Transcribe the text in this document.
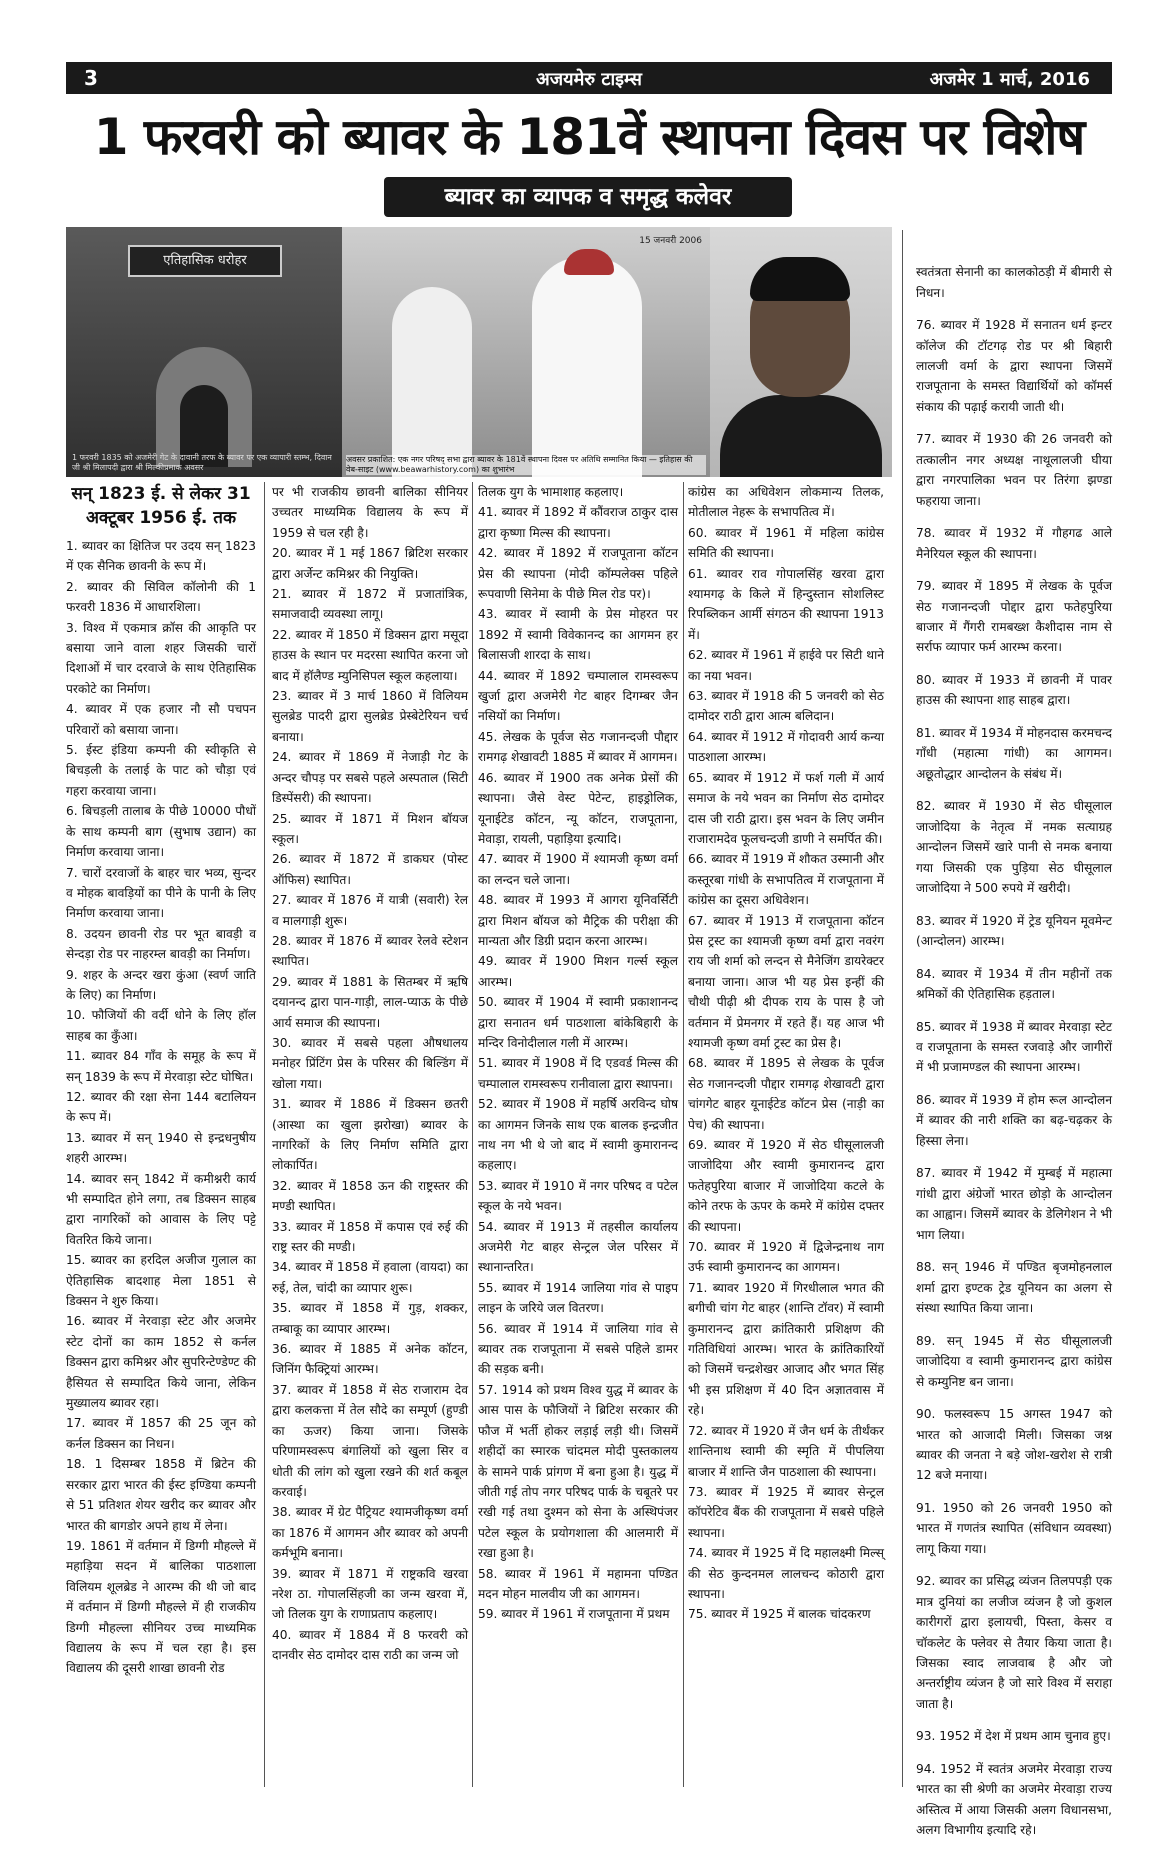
3	अजयमेरु टाइम्स	अजमेर 1 मार्च, 2016
1 फरवरी को ब्यावर के 181वें स्थापना दिवस पर विशेष
ब्यावर का व्यापक व समृद्ध कलेवर
एतिहासिक धरोहर
1 फरवरी 1835 को अजमेरी गेट के दावानी तरफ के ब्यावर पर एक व्यापारी स्तम्भ, दिवान जी श्री मिलापदी द्वारा श्री मिल्कीप्रमाक अवसर
15 जनवरी 2006
अवसर प्रकाशित: एक नगर परिषद् सभा द्वारा ब्यावर के 181वें स्थापना दिवस पर अतिथि सम्मानित किया — इतिहास की वेब-साइट (www.beawarhistory.com) का शुभारंभ
सन् 1823 ई. से लेकर 31 अक्टूबर 1956 ई. तक

1. ब्यावर का क्षितिज पर उदय सन् 1823 में एक सैनिक छावनी के रूप में।

2. ब्यावर की सिविल कॉलोनी की 1 फरवरी 1836 में आधारशिला।

3. विश्व में एकमात्र क्रॉस की आकृति पर बसाया जाने वाला शहर जिसकी चारों दिशाओं में चार दरवाजे के साथ ऐतिहासिक परकोटे का निर्माण।

4. ब्यावर में एक हजार नौ सौ पचपन परिवारों को बसाया जाना।

5. ईस्ट इंडिया कम्पनी की स्वीकृति से बिचड़ली के तलाई के पाट को चौड़ा एवं गहरा करवाया जाना।

6. बिचड़ली तालाब के पीछे 10000 पौधों के साथ कम्पनी बाग (सुभाष उद्यान) का निर्माण करवाया जाना।

7. चारों दरवाजों के बाहर चार भव्य, सुन्दर व मोहक बावड़ियों का पीने के पानी के लिए निर्माण करवाया जाना।

8. उदयन छावनी रोड पर भूत बावड़ी व सेन्दड़ा रोड पर नाहरम्ल बावड़ी का निर्माण।

9. शहर के अन्दर खरा कुंआ (स्वर्ण जाति के लिए) का निर्माण।

10. फौजियों की वर्दी धोने के लिए हॉल साहब का कुँआ।

11. ब्यावर 84 गाँव के समूह के रूप में सन् 1839 के रूप में मेरवाड़ा स्टेट घोषित।

12. ब्यावर की रक्षा सेना 144 बटालियन के रूप में।

13. ब्यावर में सन् 1940 से इन्द्रधनुषीय शहरी आरम्भ।

14. ब्यावर सन् 1842 में कमीश्नरी कार्य भी सम्पादित होने लगा, तब डिक्सन साहब द्वारा नागरिकों को आवास के लिए पट्टे वितरित किये जाना।

15. ब्यावर का हरदिल अजीज गुलाल का ऐतिहासिक बादशाह मेला 1851 से डिक्सन ने शुरु किया।

16. ब्यावर में नेरवाड़ा स्टेट और अजमेर स्टेट दोनों का काम 1852 से कर्नल डिक्सन द्वारा कमिश्नर और सुपरिन्टेण्डेण्ट की हैसियत से सम्पादित किये जाना, लेकिन मुख्यालय ब्यावर रहा।

17. ब्यावर में 1857 की 25 जून को कर्नल डिक्सन का निधन।

18. 1 दिसम्बर 1858 में ब्रिटेन की सरकार द्वारा भारत की ईस्ट इण्डिया कम्पनी से 51 प्रतिशत शेयर खरीद कर ब्यावर और भारत की बागडोर अपने हाथ में लेना।

19. 1861 में वर्तमान में डिग्गी मौहल्ले में महाड़िया सदन में बालिका पाठशाला विलियम शूलब्रेड ने आरम्भ की थी जो बाद में वर्तमान में डिग्गी मौहल्ले में ही राजकीय डिग्गी मौहल्ला सीनियर उच्च माध्यमिक विद्यालय के रूप में चल रहा है। इस विद्यालय की दूसरी शाखा छावनी रोड

पर भी राजकीय छावनी बालिका सीनियर उच्चतर माध्यमिक विद्यालय के रूप में 1959 से चल रही है।

20. ब्यावर में 1 मई 1867 ब्रिटिश सरकार द्वारा अर्जेन्ट कमिश्नर की नियुक्ति।

21. ब्यावर में 1872 में प्रजातांत्रिक, समाजवादी व्यवस्था लागू।

22. ब्यावर में 1850 में डिक्सन द्वारा मसूदा हाउस के स्थान पर मदरसा स्थापित करना जो बाद में हॉलैण्ड म्युनिसिपल स्कूल कहलाया।

23. ब्यावर में 3 मार्च 1860 में विलियम सुलब्रेड पादरी द्वारा सुलब्रेड प्रेस्बेटेरियन चर्च बनाया।

24. ब्यावर में 1869 में नेजाड़ी गेट के अन्दर चौपड़ पर सबसे पहले अस्पताल (सिटी डिस्पेंसरी) की स्थापना।

25. ब्यावर में 1871 में मिशन बॉयज स्कूल।

26. ब्यावर में 1872 में डाकघर (पोस्ट ऑफिस) स्थापित।

27. ब्यावर में 1876 में यात्री (सवारी) रेल व मालगाड़ी शुरू।

28. ब्यावर में 1876 में ब्यावर रेलवे स्टेशन स्थापित।

29. ब्यावर में 1881 के सितम्बर में ऋषि दयानन्द द्वारा पान-गाड़ी, लाल-प्याऊ के पीछे आर्य समाज की स्थापना।

30. ब्यावर में सबसे पहला औषधालय मनोहर प्रिंटिंग प्रेस के परिसर की बिल्डिंग में खोला गया।

31. ब्यावर में 1886 में डिक्सन छतरी (आस्था का खुला झरोखा) ब्यावर के नागरिकों के लिए निर्माण समिति द्वारा लोकार्पित।

32. ब्यावर में 1858 ऊन की राष्ट्रस्तर की मण्डी स्थापित।

33. ब्यावर में 1858 में कपास एवं रुई की राष्ट्र स्तर की मण्डी।

34. ब्यावर में 1858 में हवाला (वायदा) का रुई, तेल, चांदी का व्यापार शुरू।

35. ब्यावर में 1858 में गुड़, शक्कर, तम्बाकू का व्यापार आरम्भ।

36. ब्यावर में 1885 में अनेक कॉटन, जिनिंग फैक्ट्रियां आरम्भ।

37. ब्यावर में 1858 में सेठ राजाराम देव द्वारा कलकत्ता में तेल सौदे का सम्पूर्ण (हुण्डी का ऊजर) किया जाना। जिसके परिणामस्वरूप बंगालियों को खुला सिर व धोती की लांग को खुला रखने की शर्त कबूल करवाई।

38. ब्यावर में ग्रेट पैट्रियट श्यामजीकृष्ण वर्मा का 1876 में आगमन और ब्यावर को अपनी कर्मभूमि बनाना।

39. ब्यावर में 1871 में राष्ट्रकवि खरवा नरेश ठा. गोपालसिंहजी का जन्म खरवा में, जो तिलक युग के राणाप्रताप कहलाए।

40. ब्यावर में 1884 में 8 फरवरी को दानवीर सेठ दामोदर दास राठी का जन्म जो

तिलक युग के भामाशाह कहलाए।

41. ब्यावर में 1892 में कौंवराज ठाकुर दास द्वारा कृष्णा मिल्स की स्थापना।

42. ब्यावर में 1892 में राजपूताना कॉटन प्रेस की स्थापना (मोदी कॉम्पलेक्स पहिले रूपवाणी सिनेमा के पीछे मिल रोड पर)।

43. ब्यावर में स्वामी के प्रेस मोहरत पर 1892 में स्वामी विवेकानन्द का आगमन हर बिलासजी शारदा के साथ।

44. ब्यावर में 1892 चम्पालाल रामस्वरूप खुर्जा द्वारा अजमेरी गेट बाहर दिगम्बर जैन नसियों का निर्माण।

45. लेखक के पूर्वज सेठ गजानन्दजी पौद्दार रामगढ़ शेखावटी 1885 में ब्यावर में आगमन।

46. ब्यावर में 1900 तक अनेक प्रेसों की स्थापना। जैसे वेस्ट पेटेन्ट, हाइड्रोलिक, यूनाईटेड कॉटन, न्यू कॉटन, राजपूताना, मेवाड़ा, रायली, पहाड़िया इत्यादि।

47. ब्यावर में 1900 में श्यामजी कृष्ण वर्मा का लन्दन चले जाना।

48. ब्यावर में 1993 में आगरा यूनिवर्सिटी द्वारा मिशन बॉयज को मैट्रिक की परीक्षा की मान्यता और डिग्री प्रदान करना आरम्भ।

49. ब्यावर में 1900 मिशन गर्ल्स स्कूल आरम्भ।

50. ब्यावर में 1904 में स्वामी प्रकाशानन्द द्वारा सनातन धर्म पाठशाला बांकेबिहारी के मन्दिर विनोदीलाल गली में आरम्भ।

51. ब्यावर में 1908 में दि एडवर्ड मिल्स की चम्पालाल रामस्वरूप रानीवाला द्वारा स्थापना।

52. ब्यावर में 1908 में महर्षि अरविन्द घोष का आगमन जिनके साथ एक बालक इन्द्रजीत नाथ नग भी थे जो बाद में स्वामी कुमारानन्द कहलाए।

53. ब्यावर में 1910 में नगर परिषद व पटेल स्कूल के नये भवन।

54. ब्यावर में 1913 में तहसील कार्यालय अजमेरी गेट बाहर सेन्ट्रल जेल परिसर में स्थानान्तरित।

55. ब्यावर में 1914 जालिया गांव से पाइप लाइन के जरिये जल वितरण।

56. ब्यावर में 1914 में जालिया गांव से ब्यावर तक राजपूताना में सबसे पहिले डामर की सड़क बनी।

57. 1914 को प्रथम विश्व युद्ध में ब्यावर के आस पास के फौजियों ने ब्रिटिश सरकार की फौज में भर्ती होकर लड़ाई लड़ी थी। जिसमें शहीदों का स्मारक चांदमल मोदी पुस्तकालय के सामने पार्क प्रांगण में बना हुआ है। युद्ध में जीती गई तोप नगर परिषद पार्क के चबूतरे पर रखी गई तथा दुश्मन को सेना के अस्थिपंजर पटेल स्कूल के प्रयोगशाला की आलमारी में रखा हुआ है।

58. ब्यावर में 1961 में महामना पण्डित मदन मोहन मालवीय जी का आगमन।

59. ब्यावर में 1961 में राजपूताना में प्रथम

कांग्रेस का अधिवेशन लोकमान्य तिलक, मोतीलाल नेहरू के सभापतित्व में।

60. ब्यावर में 1961 में महिला कांग्रेस समिति की स्थापना।

61. ब्यावर राव गोपालसिंह खरवा द्वारा श्यामगढ़ के किले में हिन्दुस्तान सोशलिस्ट रिपब्लिकन आर्मी संगठन की स्थापना 1913 में।

62. ब्यावर में 1961 में हाईवे पर सिटी थाने का नया भवन।

63. ब्यावर में 1918 की 5 जनवरी को सेठ दामोदर राठी द्वारा आत्म बलिदान।

64. ब्यावर में 1912 में गोदावरी आर्य कन्या पाठशाला आरम्भ।

65. ब्यावर में 1912 में फर्श गली में आर्य समाज के नये भवन का निर्माण सेठ दामोदर दास जी राठी द्वारा। इस भवन के लिए जमीन राजारामदेव फूलचन्दजी डाणी ने समर्पित की।

66. ब्यावर में 1919 में शौकत उस्मानी और कस्तूरबा गांधी के सभापतित्व में राजपूताना में कांग्रेस का दूसरा अधिवेशन।

67. ब्यावर में 1913 में राजपूताना कॉटन प्रेस ट्रस्ट का श्यामजी कृष्ण वर्मा द्वारा नवरंग राय जी शर्मा को लन्दन से मैनेजिंग डायरेक्टर बनाया जाना। आज भी यह प्रेस इन्हीं की चौथी पीढ़ी श्री दीपक राय के पास है जो वर्तमान में प्रेमनगर में रहते हैं। यह आज भी श्यामजी कृष्ण वर्मा ट्रस्ट का प्रेस है।

68. ब्यावर में 1895 से लेखक के पूर्वज सेठ गजानन्दजी पौद्दार रामगढ़ शेखावटी द्वारा चांगगेट बाहर यूनाईटेड कॉटन प्रेस (नाड़ी का पेच) की स्थापना।

69. ब्यावर में 1920 में सेठ घीसूलालजी जाजोदिया और स्वामी कुमारानन्द द्वारा फतेहपुरिया बाजार में जाजोदिया कटले के कोने तरफ के ऊपर के कमरे में कांग्रेस दफ्तर की स्थापना।

70. ब्यावर में 1920 में द्विजेन्द्रनाथ नाग उर्फ स्वामी कुमारानन्द का आगमन।

71. ब्यावर 1920 में गिरधीलाल भगत की बगीची चांग गेट बाहर (शान्ति टॉवर) में स्वामी कुमारानन्द द्वारा क्रांतिकारी प्रशिक्षण की गतिविधियां आरम्भ। भारत के क्रांतिकारियों को जिसमें चन्द्रशेखर आजाद और भगत सिंह भी इस प्रशिक्षण में 40 दिन अज्ञातवास में रहे।

72. ब्यावर में 1920 में जैन धर्म के तीर्थंकर शान्तिनाथ स्वामी की स्मृति में पीपलिया बाजार में शान्ति जैन पाठशाला की स्थापना।

73. ब्यावर में 1925 में ब्यावर सेन्ट्रल कॉपरेटिव बैंक की राजपूताना में सबसे पहिले स्थापना।

74. ब्यावर में 1925 में दि महालक्ष्मी मिल्स् की सेठ कुन्दनमल लालचन्द कोठारी द्वारा स्थापना।

75. ब्यावर में 1925 में बालक चांदकरण

स्वतंत्रता सेनानी का कालकोठड़ी में बीमारी से निधन।

76. ब्यावर में 1928 में सनातन धर्म इन्टर कॉलेज की टॉटगढ़ रोड पर श्री बिहारी लालजी वर्मा के द्वारा स्थापना जिसमें राजपूताना के समस्त विद्यार्थियों को कॉमर्स संकाय की पढ़ाई करायी जाती थी।

77. ब्यावर में 1930 की 26 जनवरी को तत्कालीन नगर अध्यक्ष नाथूलालजी घीया द्वारा नगरपालिका भवन पर तिरंगा झण्डा फहराया जाना।

78. ब्यावर में 1932 में गौहगढ आले मैनेरियल स्कूल की स्थापना।

79. ब्यावर में 1895 में लेखक के पूर्वज सेठ गजानन्दजी पोद्दार द्वारा फतेहपुरिया बाजार में गैंगरी रामबख्श कैशीदास नाम से सर्राफ व्यापार फर्म आरम्भ करना।

80. ब्यावर में 1933 में छावनी में पावर हाउस की स्थापना शाह साहब द्वारा।

81. ब्यावर में 1934 में मोहनदास करमचन्द गाँधी (महात्मा गांधी) का आगमन। अछूतोद्धार आन्दोलन के संबंध में।

82. ब्यावर में 1930 में सेठ घीसूलाल जाजोदिया के नेतृत्व में नमक सत्याग्रह आन्दोलन जिसमें खारे पानी से नमक बनाया गया जिसकी एक पुड़िया सेठ घीसूलाल जाजोदिया ने 500 रुपये में खरीदी।

83. ब्यावर में 1920 में ट्रेड यूनियन मूवमेन्ट (आन्दोलन) आरम्भ।

84. ब्यावर में 1934 में तीन महीनों तक श्रमिकों की ऐतिहासिक हड़ताल।

85. ब्यावर में 1938 में ब्यावर मेरवाड़ा स्टेट व राजपूताना के समस्त रजवाड़े और जागीरों में भी प्रजामण्डल की स्थापना आरम्भ।

86. ब्यावर में 1939 में होम रूल आन्दोलन में ब्यावर की नारी शक्ति का बढ़-चढ़कर के हिस्सा लेना।

87. ब्यावर में 1942 में मुम्बई में महात्मा गांधी द्वारा अंग्रेजों भारत छोड़ो के आन्दोलन का आह्वान। जिसमें ब्यावर के डेलिगेशन ने भी भाग लिया।

88. सन् 1946 में पण्डित बृजमोहनलाल शर्मा द्वारा इण्टक ट्रेड यूनियन का अलग से संस्था स्थापित किया जाना।

89. सन् 1945 में सेठ घीसूलालजी जाजोदिया व स्वामी कुमारानन्द द्वारा कांग्रेस से कम्युनिष्ट बन जाना।

90. फलस्वरूप 15 अगस्त 1947 को भारत को आजादी मिली। जिसका जश्न ब्यावर की जनता ने बड़े जोश-खरोश से रात्री 12 बजे मनाया।

91. 1950 को 26 जनवरी 1950 को भारत में गणतंत्र स्थापित (संविधान व्यवस्था) लागू किया गया।

92. ब्यावर का प्रसिद्ध व्यंजन तिलपपड़ी एक मात्र दुनियां का लजीज व्यंजन है जो कुशल कारीगरों द्वारा इलायची, पिस्ता, केसर व चॉकलेट के फ्लेवर से तैयार किया जाता है। जिसका स्वाद लाजवाब है और जो अन्तर्राष्ट्रीय व्यंजन है जो सारे विश्व में सराहा जाता है।

93. 1952 में देश में प्रथम आम चुनाव हुए।

94. 1952 में स्वतंत्र अजमेर मेरवाड़ा राज्य भारत का सी श्रेणी का अजमेर मेरवाड़ा राज्य अस्तित्व में आया जिसकी अलग विधानसभा, अलग विभागीय इत्यादि रहे।
